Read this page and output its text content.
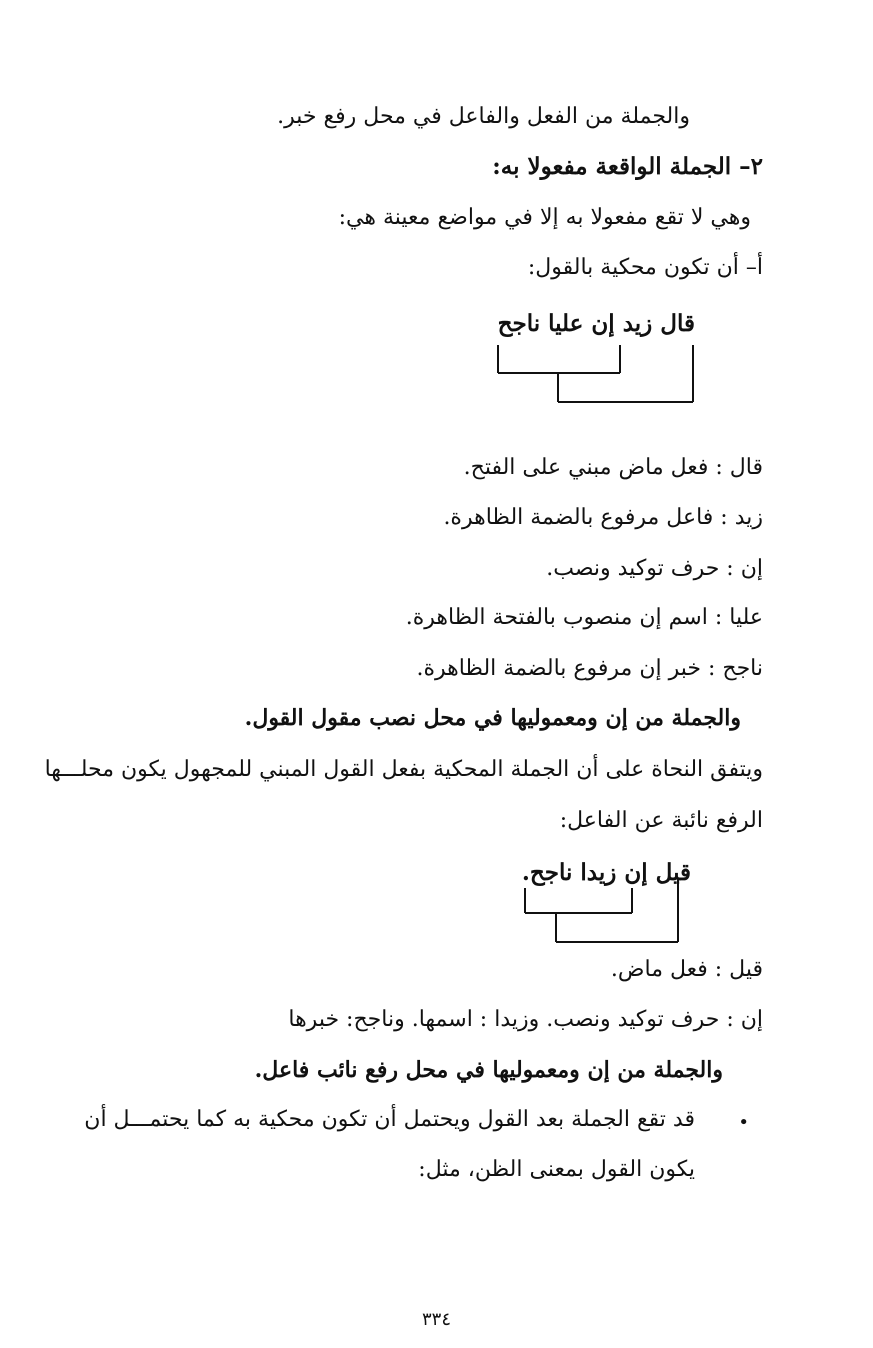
والجملة من الفعل والفاعل في محل رفع خبر.
٢– الجملة الواقعة مفعولا به:
وهي لا تقع مفعولا به إلا في مواضع معينة هي:
أ– أن تكون محكية بالقول:
قال زيد إن عليا ناجح
قال : فعل ماض مبني على الفتح.
زيد : فاعل مرفوع بالضمة الظاهرة.
إن : حرف توكيد ونصب.
عليا : اسم إن منصوب بالفتحة الظاهرة.
ناجح : خبر إن مرفوع بالضمة الظاهرة.
والجملة من إن ومعموليها في محل نصب مقول القول.
ويتفق النحاة على أن الجملة المحكية بفعل القول المبني للمجهول يكون محلـــها
الرفع نائبة عن الفاعل:
قيل إن زيدا ناجح.
قيل : فعل ماض.
إن : حرف توكيد ونصب. وزيدا : اسمها. وناجح: خبرها
والجملة من إن ومعموليها في محل رفع نائب فاعل.
•
قد تقع الجملة بعد القول ويحتمل أن تكون محكية به كما يحتمـــل أن
يكون القول بمعنى الظن، مثل:
٣٣٤
